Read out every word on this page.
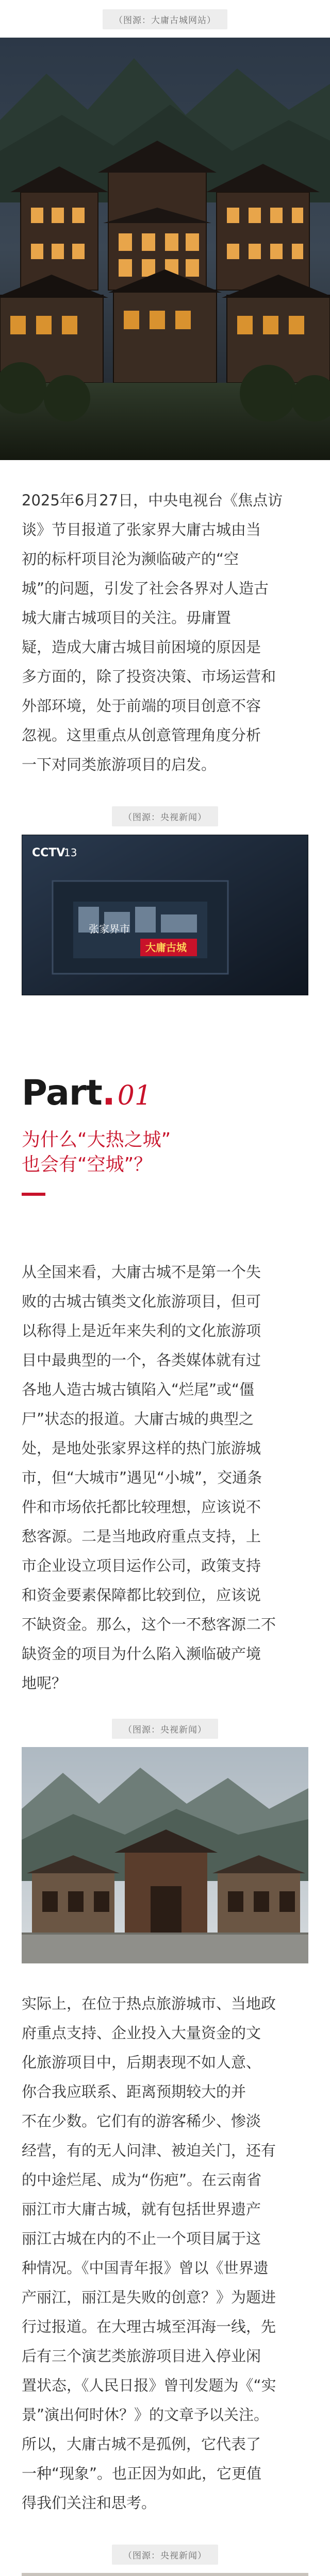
（图源：大庸古城网站）
2025年6月27日，中央电视台《焦点访
谈》节目报道了张家界大庸古城由当
初的标杆项目沦为濒临破产的“空
城”的问题，引发了社会各界对人造古
城大庸古城项目的关注。毋庸置
疑，造成大庸古城目前困境的原因是
多方面的，除了投资决策、市场运营和
外部环境，处于前端的项目创意不容
忽视。这里重点从创意管理角度分析
一下对同类旅游项目的启发。
（图源：央视新闻）
CCTV
13
张家界市
大庸古城
Part . 01
为什么“大热之城”
也会有“空城”？
从全国来看，大庸古城不是第一个失
败的古城古镇类文化旅游项目，但可
以称得上是近年来失利的文化旅游项
目中最典型的一个，各类媒体就有过
各地人造古城古镇陷入“烂尾”或“僵
尸”状态的报道。大庸古城的典型之
处，是地处张家界这样的热门旅游城
市，但“大城市”遇见“小城”，交通条
件和市场依托都比较理想，应该说不
愁客源。二是当地政府重点支持，上
市企业设立项目运作公司，政策支持
和资金要素保障都比较到位，应该说
不缺资金。那么，这个一不愁客源二不
缺资金的项目为什么陷入濒临破产境
地呢？
（图源：央视新闻）
实际上，在位于热点旅游城市、当地政
府重点支持、企业投入大量资金的文
化旅游项目中，后期表现不如人意、
你合我应联系、距离预期较大的并
不在少数。它们有的游客稀少、惨淡
经营，有的无人问津、被迫关门，还有
的中途烂尾、成为“伤疤”。在云南省
丽江市大庸古城，就有包括世界遗产
丽江古城在内的不止一个项目属于这
种情况。《中国青年报》曾以《世界遗
产丽江，丽江是失败的创意？》为题进
行过报道。在大理古城至洱海一线，先
后有三个演艺类旅游项目进入停业闲
置状态，《人民日报》曾刊发题为《“实
景”演出何时休？》的文章予以关注。
所以，大庸古城不是孤例，它代表了
一种“现象”。也正因为如此，它更值
得我们关注和思考。
（图源：央视新闻）
